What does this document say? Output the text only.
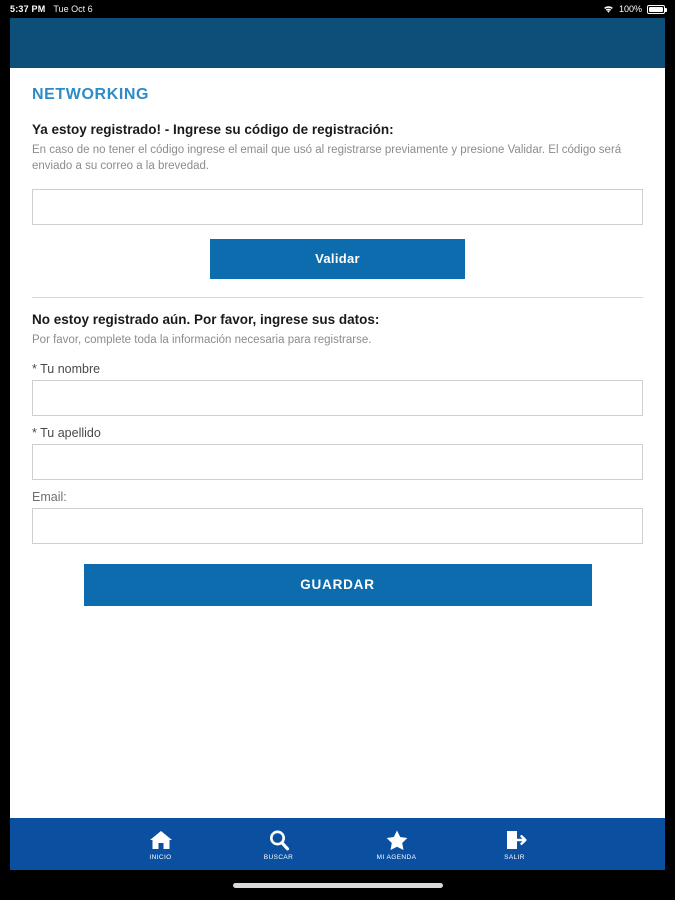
5:37 PM Tue Oct 6	100%
NETWORKING
Ya estoy registrado! - Ingrese su código de registración:
En caso de no tener el código ingrese el email que usó al registrarse previamente y presione Validar. El código será enviado a su correo a la brevedad.
Validar
No estoy registrado aún. Por favor, ingrese sus datos:
Por favor, complete toda la información necesaria para registrarse.
* Tu nombre
* Tu apellido
Email:
GUARDAR
INICIO	BUSCAR	MI AGENDA	SALIR
